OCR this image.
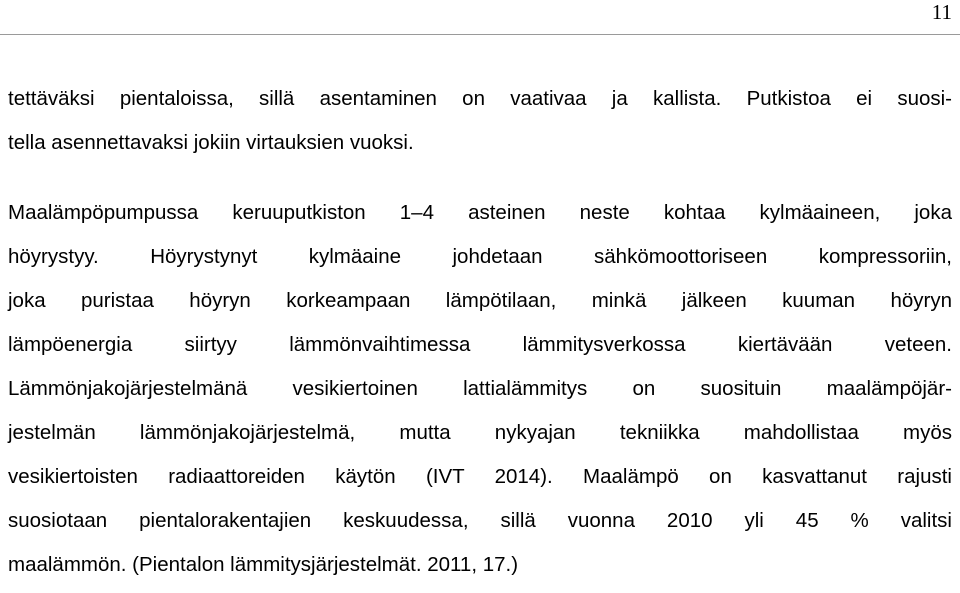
11
tettäväksi pientaloissa, sillä asentaminen on vaativaa ja kallista. Putkistoa ei suosi-
tella asennettavaksi jokiin virtauksien vuoksi.
Maalämpöpumpussa keruuputkiston 1–4 asteinen neste kohtaa kylmäaineen, joka
höyrystyy. Höyrystynyt kylmäaine johdetaan sähkömoottoriseen kompressoriin,
joka puristaa höyryn korkeampaan lämpötilaan, minkä jälkeen kuuman höyryn
lämpöenergia siirtyy lämmönvaihtimessa lämmitysverkossa kiertävään veteen.
Lämmönjakojärjestelmänä vesikiertoinen lattialämmitys on suosituin maalämpöjär-
jestelmän lämmönjakojärjestelmä, mutta nykyajan tekniikka mahdollistaa myös
vesikiertoisten radiaattoreiden käytön (IVT 2014). Maalämpö on kasvattanut rajusti
suosiotaan pientalorakentajien keskuudessa, sillä vuonna 2010 yli 45 % valitsi
maalämmön. (Pientalon lämmitysjärjestelmät. 2011, 17.)
